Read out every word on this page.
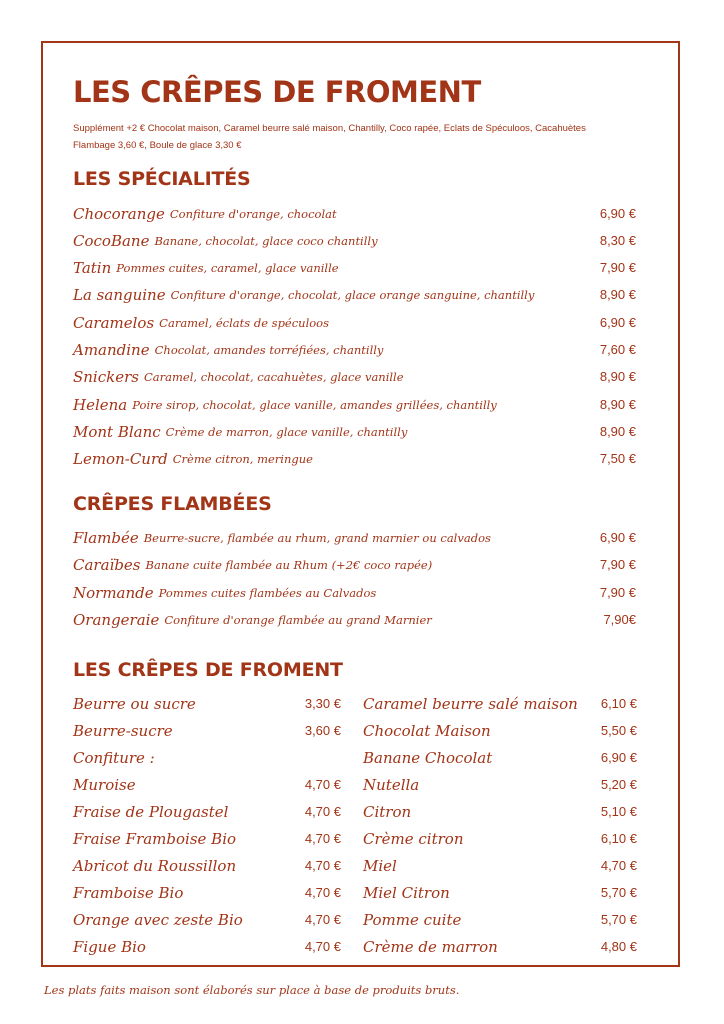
LES CRÊPES DE FROMENT
Supplément +2 € Chocolat maison, Caramel beurre salé maison, Chantilly, Coco rapée, Eclats de Spéculoos, Cacahuètes
Flambage 3,60 €, Boule de glace 3,30 €
LES SPÉCIALITÉS
Chocorange Confiture d'orange, chocolat	6,90 €
CocoBane Banane, chocolat, glace coco chantilly	8,30 €
Tatin Pommes cuites, caramel, glace vanille	7,90 €
La sanguine Confiture d'orange, chocolat, glace orange sanguine, chantilly	8,90 €
Caramelos Caramel, éclats de spéculoos	6,90 €
Amandine Chocolat, amandes torréfiées, chantilly	7,60 €
Snickers Caramel, chocolat, cacahuètes, glace vanille	8,90 €
Helena Poire sirop, chocolat, glace vanille, amandes grillées, chantilly	8,90 €
Mont Blanc Crème de marron, glace vanille, chantilly	8,90 €
Lemon-Curd Crème citron, meringue	7,50 €
CRÊPES FLAMBÉES
Flambée Beurre-sucre, flambée au rhum, grand marnier ou calvados	6,90 €
Caraïbes Banane cuite flambée au Rhum (+2€ coco rapée)	7,90 €
Normande Pommes cuites flambées au Calvados	7,90 €
Orangeraie Confiture d'orange flambée au grand Marnier	7,90€
LES CRÊPES DE FROMENT
Beurre ou sucre	3,30 €
Beurre-sucre	3,60 €
Confiture :
Muroise	4,70 €
Fraise de Plougastel	4,70 €
Fraise Framboise Bio	4,70 €
Abricot du Roussillon	4,70 €
Framboise Bio	4,70 €
Orange avec zeste Bio	4,70 €
Figue Bio	4,70 €
Caramel beurre salé maison 6,10 €
Chocolat Maison	5,50 €
Banane Chocolat	6,90 €
Nutella	5,20 €
Citron	5,10 €
Crème citron	6,10 €
Miel	4,70 €
Miel Citron	5,70 €
Pomme cuite	5,70 €
Crème de marron	4,80 €
Les plats faits maison sont élaborés sur place à base de produits bruts.
